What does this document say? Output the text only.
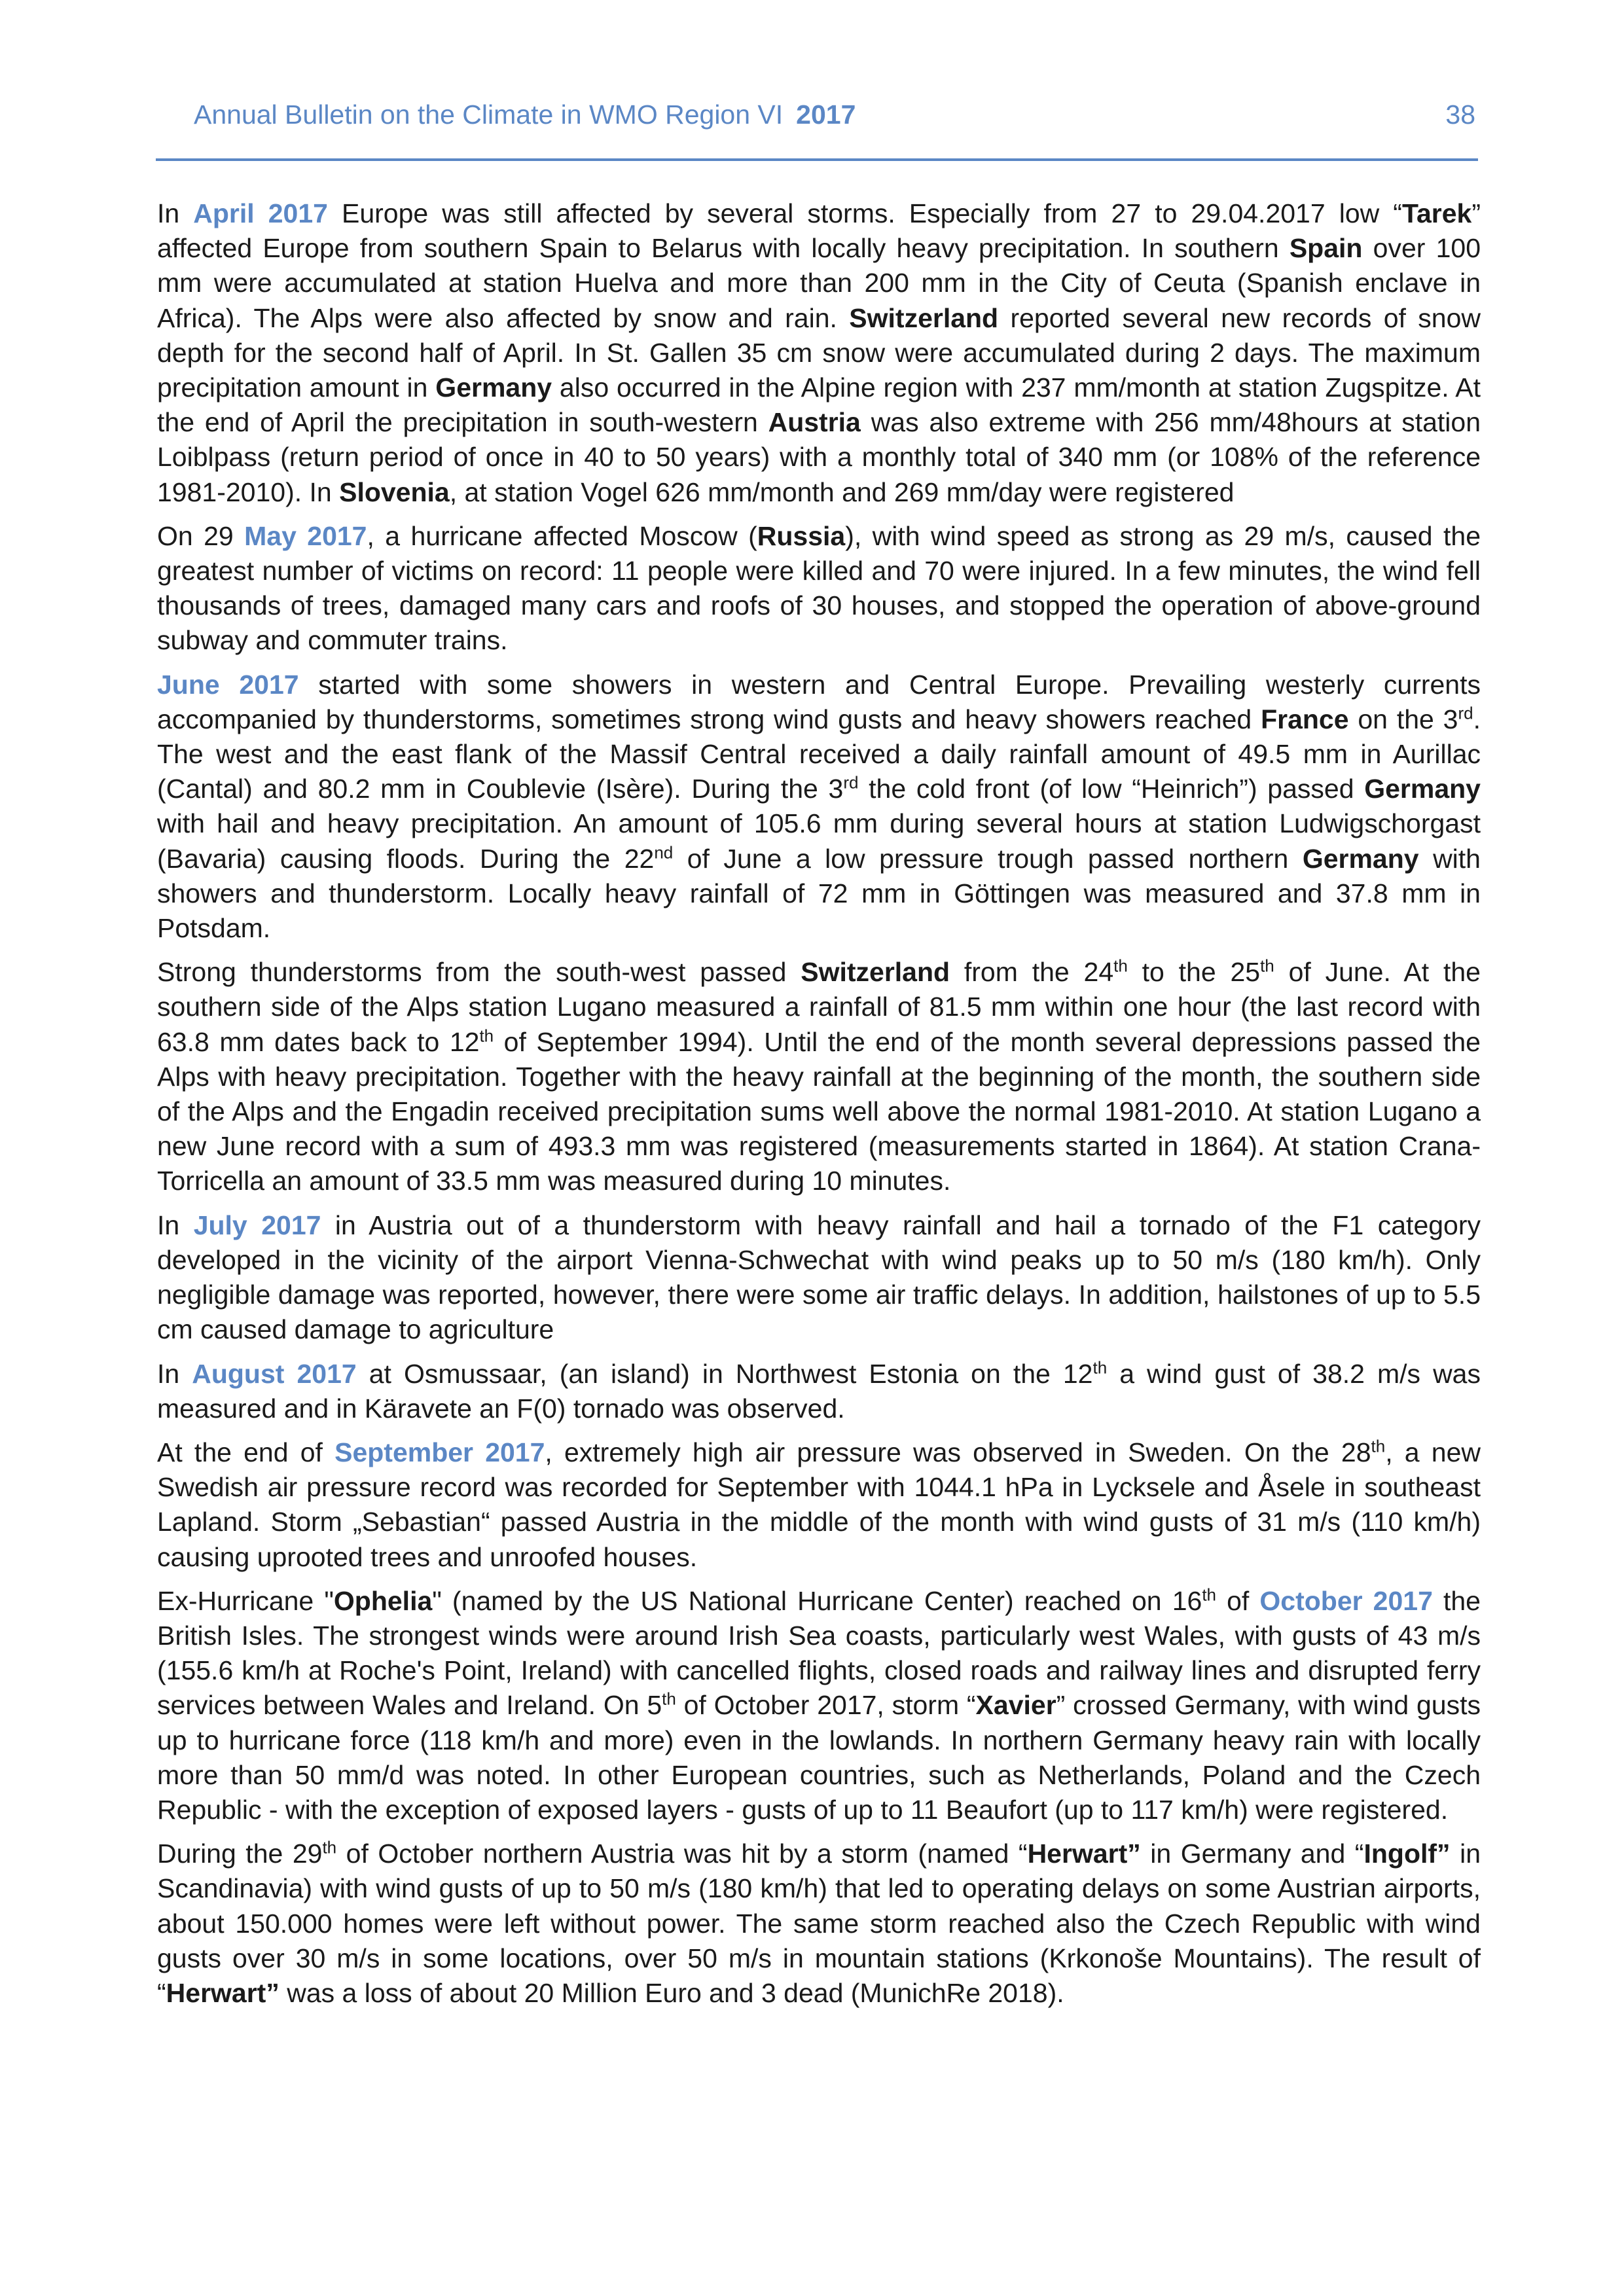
Annual Bulletin on the Climate in WMO Region VI 2017	38

In April 2017 Europe was still affected by several storms. Especially from 27 to 29.04.2017 low “Tarek” affected Europe from southern Spain to Belarus with locally heavy precipitation. In southern Spain over 100 mm were accumulated at station Huelva and more than 200 mm in the City of Ceuta (Spanish enclave in Africa). The Alps were also affected by snow and rain. Switzerland reported several new records of snow depth for the second half of April. In St. Gallen 35 cm snow were accumulated during 2 days. The maximum precipitation amount in Germany also occurred in the Alpine region with 237 mm/month at station Zugspitze. At the end of April the precipitation in south-western Austria was also extreme with 256 mm/48hours at station Loiblpass (return period of once in 40 to 50 years) with a monthly total of 340 mm (or 108% of the reference 1981-2010). In Slovenia, at station Vogel 626 mm/month and 269 mm/day were registered

On 29 May 2017, a hurricane affected Moscow (Russia), with wind speed as strong as 29 m/s, caused the greatest number of victims on record: 11 people were killed and 70 were injured. In a few minutes, the wind fell thousands of trees, damaged many cars and roofs of 30 houses, and stopped the operation of above-ground subway and commuter trains.

June 2017 started with some showers in western and Central Europe. Prevailing westerly currents accompanied by thunderstorms, sometimes strong wind gusts and heavy showers reached France on the 3rd. The west and the east flank of the Massif Central received a daily rainfall amount of 49.5 mm in Aurillac (Cantal) and 80.2 mm in Coublevie (Isère). During the 3rd the cold front (of low “Heinrich”) passed Germany with hail and heavy precipitation. An amount of 105.6 mm during several hours at station Ludwigschorgast (Bavaria) causing floods. During the 22nd of June a low pressure trough passed northern Germany with showers and thunderstorm. Locally heavy rainfall of 72 mm in Göttingen was measured and 37.8 mm in Potsdam.

Strong thunderstorms from the south-west passed Switzerland from the 24th to the 25th of June. At the southern side of the Alps station Lugano measured a rainfall of 81.5 mm within one hour (the last record with 63.8 mm dates back to 12th of September 1994). Until the end of the month several depressions passed the Alps with heavy precipitation. Together with the heavy rainfall at the beginning of the month, the southern side of the Alps and the Engadin received precipitation sums well above the normal 1981-2010. At station Lugano a new June record with a sum of 493.3 mm was registered (measurements started in 1864). At station Crana-Torricella an amount of 33.5 mm was measured during 10 minutes.

In July 2017 in Austria out of a thunderstorm with heavy rainfall and hail a tornado of the F1 category developed in the vicinity of the airport Vienna-Schwechat with wind peaks up to 50 m/s (180 km/h). Only negligible damage was reported, however, there were some air traffic delays. In addition, hailstones of up to 5.5 cm caused damage to agriculture

In August 2017 at Osmussaar, (an island) in Northwest Estonia on the 12th a wind gust of 38.2 m/s was measured and in Käravete an F(0) tornado was observed.

At the end of September 2017, extremely high air pressure was observed in Sweden. On the 28th, a new Swedish air pressure record was recorded for September with 1044.1 hPa in Lycksele and Åsele in southeast Lapland. Storm „Sebastian“ passed Austria in the middle of the month with wind gusts of 31 m/s (110 km/h) causing uprooted trees and unroofed houses.

Ex-Hurricane "Ophelia" (named by the US National Hurricane Center) reached on 16th of October 2017 the British Isles. The strongest winds were around Irish Sea coasts, particularly west Wales, with gusts of 43 m/s (155.6 km/h at Roche's Point, Ireland) with cancelled flights, closed roads and railway lines and disrupted ferry services between Wales and Ireland. On 5th of October 2017, storm “Xavier” crossed Germany, with wind gusts up to hurricane force (118 km/h and more) even in the lowlands. In northern Germany heavy rain with locally more than 50 mm/d was noted. In other European countries, such as Netherlands, Poland and the Czech Republic - with the exception of exposed layers - gusts of up to 11 Beaufort (up to 117 km/h) were registered.

During the 29th of October northern Austria was hit by a storm (named “Herwart” in Germany and “Ingolf” in Scandinavia) with wind gusts of up to 50 m/s (180 km/h) that led to operating delays on some Austrian airports, about 150.000 homes were left without power. The same storm reached also the Czech Republic with wind gusts over 30 m/s in some locations, over 50 m/s in mountain stations (Krkonoše Mountains). The result of “Herwart” was a loss of about 20 Million Euro and 3 dead (MunichRe 2018).
